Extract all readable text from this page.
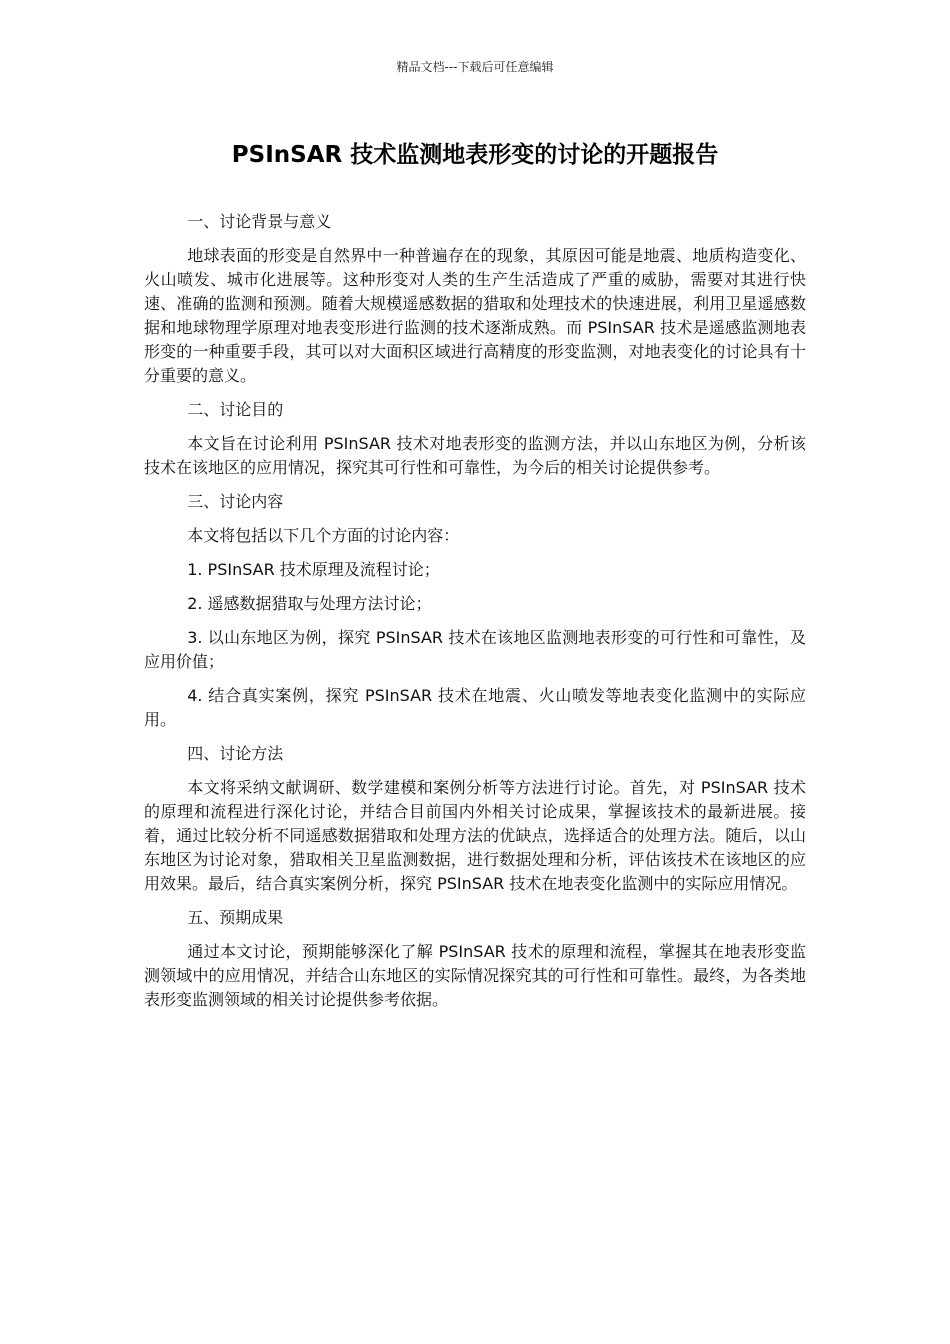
精品文档---下载后可任意编辑
PSInSAR 技术监测地表形变的讨论的开题报告

一、讨论背景与意义

地球表面的形变是自然界中一种普遍存在的现象，其原因可能是地震、地质构造变化、火山喷发、城市化进展等。这种形变对人类的生产生活造成了严重的威胁，需要对其进行快速、准确的监测和预测。随着大规模遥感数据的猎取和处理技术的快速进展，利用卫星遥感数据和地球物理学原理对地表变形进行监测的技术逐渐成熟。而 PSInSAR 技术是遥感监测地表形变的一种重要手段，其可以对大面积区域进行高精度的形变监测，对地表变化的讨论具有十分重要的意义。

二、讨论目的

本文旨在讨论利用 PSInSAR 技术对地表形变的监测方法，并以山东地区为例，分析该技术在该地区的应用情况，探究其可行性和可靠性，为今后的相关讨论提供参考。

三、讨论内容

本文将包括以下几个方面的讨论内容：

1. PSInSAR 技术原理及流程讨论；

2. 遥感数据猎取与处理方法讨论；

3. 以山东地区为例，探究 PSInSAR 技术在该地区监测地表形变的可行性和可靠性，及应用价值；

4. 结合真实案例，探究 PSInSAR 技术在地震、火山喷发等地表变化监测中的实际应用。

四、讨论方法

本文将采纳文献调研、数学建模和案例分析等方法进行讨论。首先，对 PSInSAR 技术的原理和流程进行深化讨论，并结合目前国内外相关讨论成果，掌握该技术的最新进展。接着，通过比较分析不同遥感数据猎取和处理方法的优缺点，选择适合的处理方法。随后，以山东地区为讨论对象，猎取相关卫星监测数据，进行数据处理和分析，评估该技术在该地区的应用效果。最后，结合真实案例分析，探究 PSInSAR 技术在地表变化监测中的实际应用情况。

五、预期成果

通过本文讨论，预期能够深化了解 PSInSAR 技术的原理和流程，掌握其在地表形变监测领域中的应用情况，并结合山东地区的实际情况探究其的可行性和可靠性。最终，为各类地表形变监测领域的相关讨论提供参考依据。
